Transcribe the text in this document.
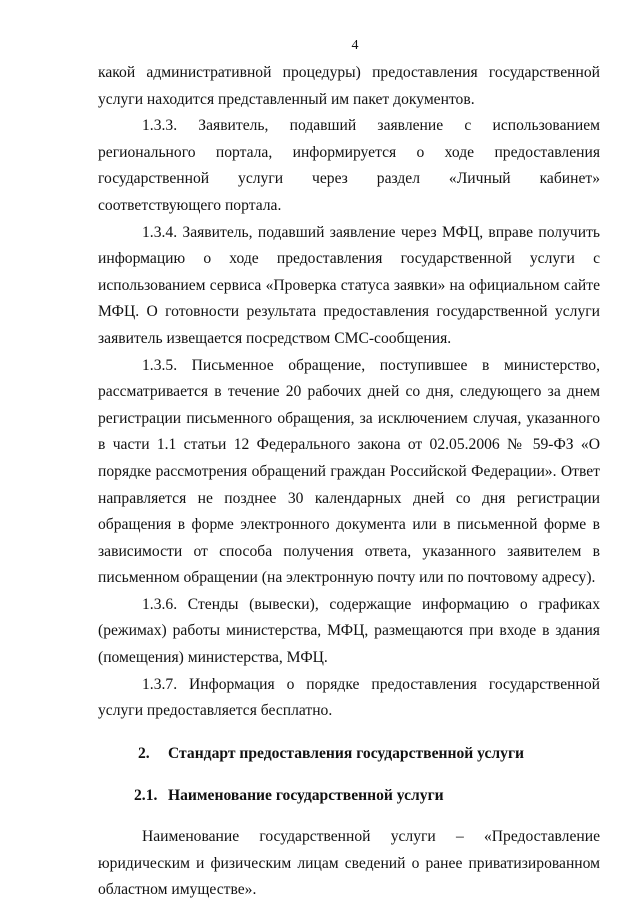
4

какой административной процедуры) предоставления государственной услуги находится представленный им пакет документов.

1.3.3. Заявитель, подавший заявление с использованием регионального портала, информируется о ходе предоставления государственной услуги через раздел «Личный кабинет» соответствующего портала.

1.3.4. Заявитель, подавший заявление через МФЦ, вправе получить информацию о ходе предоставления государственной услуги с использованием сервиса «Проверка статуса заявки» на официальном сайте МФЦ. О готовности результата предоставления государственной услуги заявитель извещается посредством СМС-сообщения.

1.3.5. Письменное обращение, поступившее в министерство, рассматривается в течение 20 рабочих дней со дня, следующего за днем регистрации письменного обращения, за исключением случая, указанного в части 1.1 статьи 12 Федерального закона от 02.05.2006 № 59-ФЗ «О порядке рассмотрения обращений граждан Российской Федерации». Ответ направляется не позднее 30 календарных дней со дня регистрации обращения в форме электронного документа или в письменной форме в зависимости от способа получения ответа, указанного заявителем в письменном обращении (на электронную почту или по почтовому адресу).

1.3.6. Стенды (вывески), содержащие информацию о графиках (режимах) работы министерства, МФЦ, размещаются при входе в здания (помещения) министерства, МФЦ.

1.3.7. Информация о порядке предоставления государственной услуги предоставляется бесплатно.

2. Стандарт предоставления государственной услуги
2.1. Наименование государственной услуги

Наименование государственной услуги – «Предоставление юридическим и физическим лицам сведений о ранее приватизированном областном имуществе».
